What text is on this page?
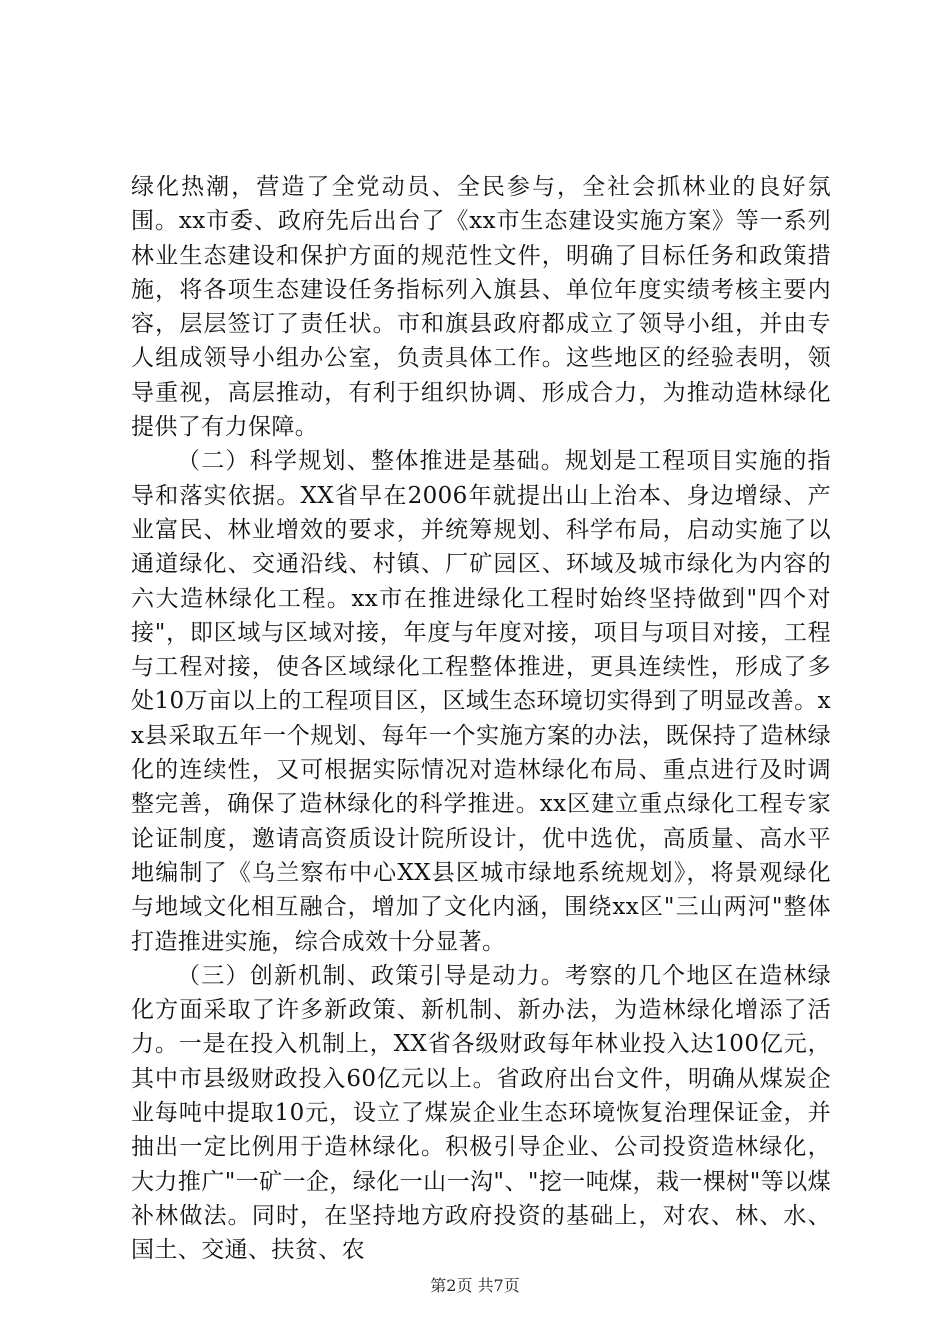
绿化热潮，营造了全党动员、全民参与，全社会抓林业的良好氛围。xx市委、政府先后出台了《xx市生态建设实施方案》等一系列林业生态建设和保护方面的规范性文件，明确了目标任务和政策措施，将各项生态建设任务指标列入旗县、单位年度实绩考核主要内容，层层签订了责任状。市和旗县政府都成立了领导小组，并由专人组成领导小组办公室，负责具体工作。这些地区的经验表明，领导重视，高层推动，有利于组织协调、形成合力，为推动造林绿化提供了有力保障。

（二）科学规划、整体推进是基础。规划是工程项目实施的指导和落实依据。XX省早在2006年就提出山上治本、身边增绿、产业富民、林业增效的要求，并统筹规划、科学布局，启动实施了以通道绿化、交通沿线、村镇、厂矿园区、环域及城市绿化为内容的六大造林绿化工程。xx市在推进绿化工程时始终坚持做到"四个对接"，即区域与区域对接，年度与年度对接，项目与项目对接，工程与工程对接，使各区域绿化工程整体推进，更具连续性，形成了多处10万亩以上的工程项目区，区域生态环境切实得到了明显改善。xx县采取五年一个规划、每年一个实施方案的办法，既保持了造林绿化的连续性，又可根据实际情况对造林绿化布局、重点进行及时调整完善，确保了造林绿化的科学推进。xx区建立重点绿化工程专家论证制度，邀请高资质设计院所设计，优中选优，高质量、高水平地编制了《乌兰察布中心XX县区城市绿地系统规划》，将景观绿化与地域文化相互融合，增加了文化内涵，围绕xx区"三山两河"整体打造推进实施，综合成效十分显著。

（三）创新机制、政策引导是动力。考察的几个地区在造林绿化方面采取了许多新政策、新机制、新办法，为造林绿化增添了活力。一是在投入机制上，XX省各级财政每年林业投入达100亿元，其中市县级财政投入60亿元以上。省政府出台文件，明确从煤炭企业每吨中提取10元，设立了煤炭企业生态环境恢复治理保证金，并抽出一定比例用于造林绿化。积极引导企业、公司投资造林绿化，大力推广"一矿一企，绿化一山一沟"、"挖一吨煤，栽一棵树"等以煤补林做法。同时，在坚持地方政府投资的基础上，对农、林、水、国土、交通、扶贫、农

第2页 共7页
